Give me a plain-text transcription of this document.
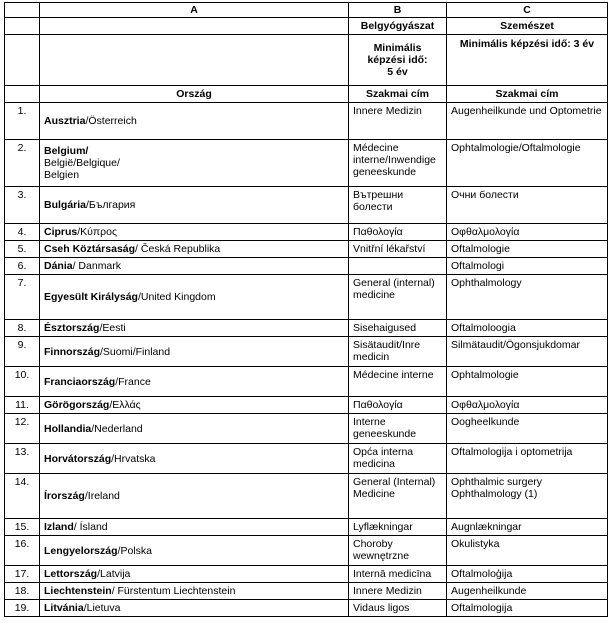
	A	B	C
		Belgyógyászat	Szemészet

		Minimális
képzési idő:
5 év	Minimális képzési idő: 3 év
	Ország	Szakmai cím	Szakmai cím
1.	Ausztria/Österreich	Innere Medizin	Augenheilkunde und Optometrie
2.	Belgium/
België/Belgique/
Belgien	Médecine interne/Inwendige geneeskunde	Ophtalmologie/Oftalmologie
3.	Bulgária/България	Вътрешни болести	Очни болести
4.	Ciprus/Κύπρος	Παθολογία	Οφθαλμολογία
5.	Cseh Köztársaság/ Česká Republika	Vnitřní lékařství	Oftalmologie
6.	Dánia/ Danmark		Oftalmologi
7.	Egyesült Királyság/United Kingdom	General (internal) medicine	Ophthalmology
8.	Észtország/Eesti	Sisehaigused	Oftalmoloogia
9.	Finnország/Suomi/Finland	Sisätaudit/Inre medicin	Silmätaudit/Ögonsjukdomar
10.	Franciaország/France	Médecine interne	Ophtalmologie
11.	Görögország/Ελλάς	Παθολογία	Οφθαλμολογία
12.	Hollandia/Nederland	Interne geneeskunde	Oogheelkunde
13.	Horvátország/Hrvatska	Opća interna medicina	Oftalmologija i optometrija
14.	Írország/Ireland	General (Internal) Medicine	Ophthalmic surgery Ophthalmology (1)
15.	Izland/ Ísland	Lyflækningar	Augnlækningar
16.	Lengyelország/Polska	Choroby wewnętrzne	Okulistyka
17.	Lettország/Latvija	Internā medicīna	Oftalmoloģija
18.	Liechtenstein/ Fürstentum Liechtenstein	Innere Medizin	Augenheilkunde
19.	Litvánia/Lietuva	Vidaus ligos	Oftalmologija
